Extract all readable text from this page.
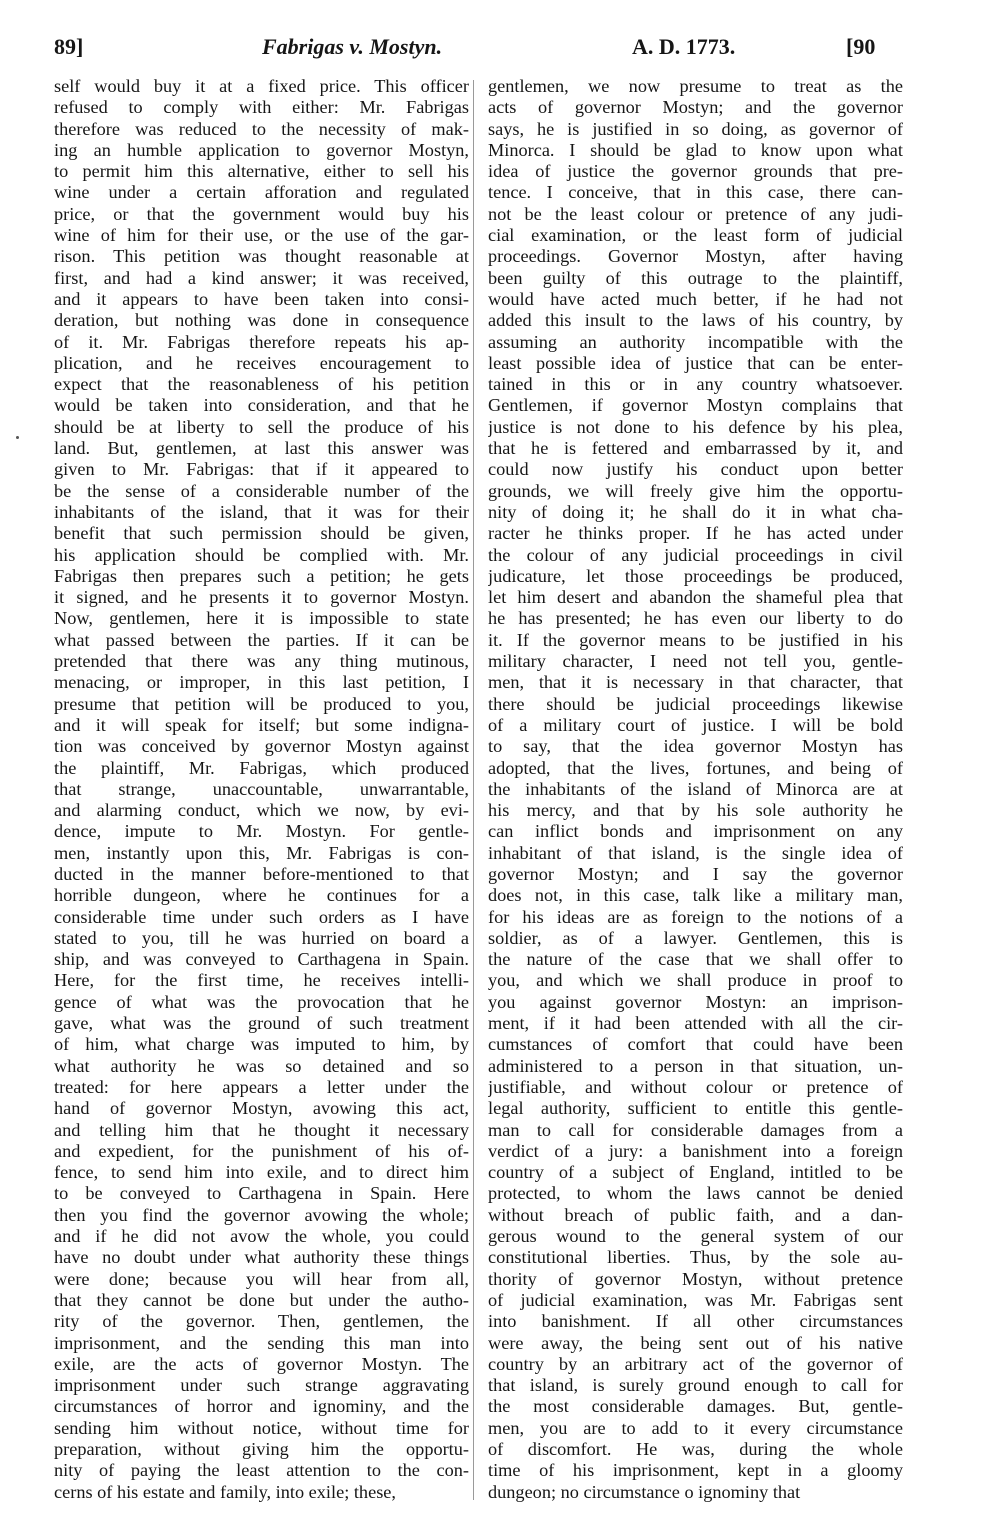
89]	Fabrigas v. Mostyn.	A. D. 1773.	[90
self would buy it at a fixed price. This officer
refused to comply with either: Mr. Fabrigas
therefore was reduced to the necessity of mak-
ing an humble application to governor Mostyn,
to permit him this alternative, either to sell his
wine under a certain afforation and regulated
price, or that the government would buy his
wine of him for their use, or the use of the gar-
rison. This petition was thought reasonable at
first, and had a kind answer; it was received,
and it appears to have been taken into consi-
deration, but nothing was done in consequence
of it. Mr. Fabrigas therefore repeats his ap-
plication, and he receives encouragement to
expect that the reasonableness of his petition
would be taken into consideration, and that he
should be at liberty to sell the produce of his
land. But, gentlemen, at last this answer was
given to Mr. Fabrigas: that if it appeared to
be the sense of a considerable number of the
inhabitants of the island, that it was for their
benefit that such permission should be given,
his application should be complied with. Mr.
Fabrigas then prepares such a petition; he gets
it signed, and he presents it to governor Mostyn.
Now, gentlemen, here it is impossible to state
what passed between the parties. If it can be
pretended that there was any thing mutinous,
menacing, or improper, in this last petition, I
presume that petition will be produced to you,
and it will speak for itself; but some indigna-
tion was conceived by governor Mostyn against
the plaintiff, Mr. Fabrigas, which produced
that strange, unaccountable, unwarrantable,
and alarming conduct, which we now, by evi-
dence, impute to Mr. Mostyn. For gentle-
men, instantly upon this, Mr. Fabrigas is con-
ducted in the manner before-mentioned to that
horrible dungeon, where he continues for a
considerable time under such orders as I have
stated to you, till he was hurried on board a
ship, and was conveyed to Carthagena in Spain.
Here, for the first time, he receives intelli-
gence of what was the provocation that he
gave, what was the ground of such treatment
of him, what charge was imputed to him, by
what authority he was so detained and so
treated: for here appears a letter under the
hand of governor Mostyn, avowing this act,
and telling him that he thought it necessary
and expedient, for the punishment of his of-
fence, to send him into exile, and to direct him
to be conveyed to Carthagena in Spain. Here
then you find the governor avowing the whole;
and if he did not avow the whole, you could
have no doubt under what authority these things
were done; because you will hear from all,
that they cannot be done but under the autho-
rity of the governor. Then, gentlemen, the
imprisonment, and the sending this man into
exile, are the acts of governor Mostyn. The
imprisonment under such strange aggravating
circumstances of horror and ignominy, and the
sending him without notice, without time for
preparation, without giving him the opportu-
nity of paying the least attention to the con-
cerns of his estate and family, into exile; these,
gentlemen, we now presume to treat as the
acts of governor Mostyn; and the governor
says, he is justified in so doing, as governor of
Minorca. I should be glad to know upon what
idea of justice the governor grounds that pre-
tence. I conceive, that in this case, there can-
not be the least colour or pretence of any judi-
cial examination, or the least form of judicial
proceedings. Governor Mostyn, after having
been guilty of this outrage to the plaintiff,
would have acted much better, if he had not
added this insult to the laws of his country, by
assuming an authority incompatible with the
least possible idea of justice that can be enter-
tained in this or in any country whatsoever.
Gentlemen, if governor Mostyn complains that
justice is not done to his defence by his plea,
that he is fettered and embarrassed by it, and
could now justify his conduct upon better
grounds, we will freely give him the opportu-
nity of doing it; he shall do it in what cha-
racter he thinks proper. If he has acted under
the colour of any judicial proceedings in civil
judicature, let those proceedings be produced,
let him desert and abandon the shameful plea that
he has presented; he has even our liberty to do
it. If the governor means to be justified in his
military character, I need not tell you, gentle-
men, that it is necessary in that character, that
there should be judicial proceedings likewise
of a military court of justice. I will be bold
to say, that the idea governor Mostyn has
adopted, that the lives, fortunes, and being of
the inhabitants of the island of Minorca are at
his mercy, and that by his sole authority he
can inflict bonds and imprisonment on any
inhabitant of that island, is the single idea of
governor Mostyn; and I say the governor
does not, in this case, talk like a military man,
for his ideas are as foreign to the notions of a
soldier, as of a lawyer. Gentlemen, this is
the nature of the case that we shall offer to
you, and which we shall produce in proof to
you against governor Mostyn: an imprison-
ment, if it had been attended with all the cir-
cumstances of comfort that could have been
administered to a person in that situation, un-
justifiable, and without colour or pretence of
legal authority, sufficient to entitle this gentle-
man to call for considerable damages from a
verdict of a jury: a banishment into a foreign
country of a subject of England, intitled to be
protected, to whom the laws cannot be denied
without breach of public faith, and a dan-
gerous wound to the general system of our
constitutional liberties. Thus, by the sole au-
thority of governor Mostyn, without pretence
of judicial examination, was Mr. Fabrigas sent
into banishment. If all other circumstances
were away, the being sent out of his native
country by an arbitrary act of the governor of
that island, is surely ground enough to call for
the most considerable damages. But, gentle-
men, you are to add to it every circumstance
of discomfort. He was, during the whole
time of his imprisonment, kept in a gloomy
dungeon; no circumstance o ignominy that
